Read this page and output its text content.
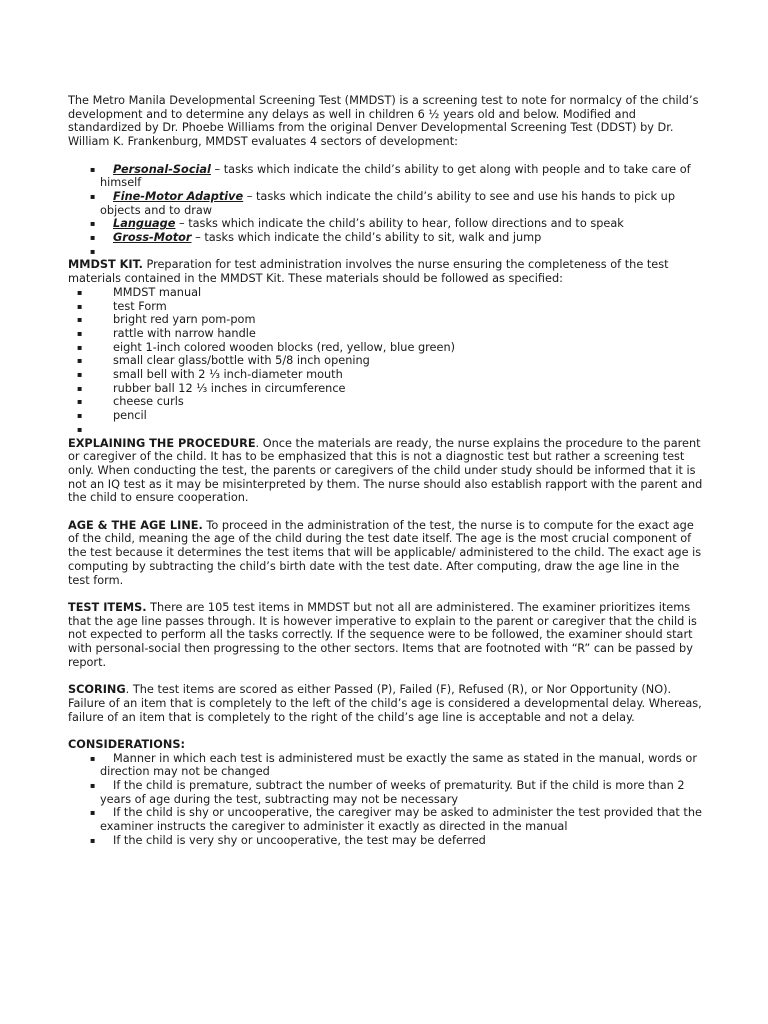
The Metro Manila Developmental Screening Test (MMDST) is a screening test to note for normalcy of the child’s development and to determine any delays as well in children 6 ½ years old and below. Modified and standardized by Dr. Phoebe Williams from the original Denver Developmental Screening Test (DDST) by Dr. William K. Frankenburg, MMDST evaluates 4 sectors of development:

▪ Personal-Social – tasks which indicate the child’s ability to get along with people and to take care of himself
▪ Fine-Motor Adaptive – tasks which indicate the child’s ability to see and use his hands to pick up objects and to draw
▪ Language – tasks which indicate the child’s ability to hear, follow directions and to speak
▪ Gross-Motor – tasks which indicate the child’s ability to sit, walk and jump
▪

MMDST KIT. Preparation for test administration involves the nurse ensuring the completeness of the test materials contained in the MMDST Kit. These materials should be followed as specified:

▪	MMDST manual
▪	test Form
▪	bright red yarn pom-pom
▪	rattle with narrow handle
▪	eight 1-inch colored wooden blocks (red, yellow, blue green)
▪	small clear glass/bottle with 5/8 inch opening
▪	small bell with 2 ⅓ inch-diameter mouth
▪	rubber ball 12 ⅓ inches in circumference
▪	cheese curls
▪	pencil
▪

EXPLAINING THE PROCEDURE. Once the materials are ready, the nurse explains the procedure to the parent or caregiver of the child. It has to be emphasized that this is not a diagnostic test but rather a screening test only. When conducting the test, the parents or caregivers of the child under study should be informed that it is not an IQ test as it may be misinterpreted by them. The nurse should also establish rapport with the parent and the child to ensure cooperation.

AGE & THE AGE LINE. To proceed in the administration of the test, the nurse is to compute for the exact age of the child, meaning the age of the child during the test date itself. The age is the most crucial component of the test because it determines the test items that will be applicable/ administered to the child. The exact age is computing by subtracting the child’s birth date with the test date. After computing, draw the age line in the test form.

TEST ITEMS. There are 105 test items in MMDST but not all are administered. The examiner prioritizes items that the age line passes through. It is however imperative to explain to the parent or caregiver that the child is not expected to perform all the tasks correctly. If the sequence were to be followed, the examiner should start with personal-social then progressing to the other sectors. Items that are footnoted with “R” can be passed by report.

SCORING. The test items are scored as either Passed (P), Failed (F), Refused (R), or Nor Opportunity (NO). Failure of an item that is completely to the left of the child’s age is considered a developmental delay. Whereas, failure of an item that is completely to the right of the child’s age line is acceptable and not a delay.

CONSIDERATIONS:

▪ Manner in which each test is administered must be exactly the same as stated in the manual, words or direction may not be changed
▪ If the child is premature, subtract the number of weeks of prematurity. But if the child is more than 2 years of age during the test, subtracting may not be necessary
▪ If the child is shy or uncooperative, the caregiver may be asked to administer the test provided that the examiner instructs the caregiver to administer it exactly as directed in the manual
▪ If the child is very shy or uncooperative, the test may be deferred
